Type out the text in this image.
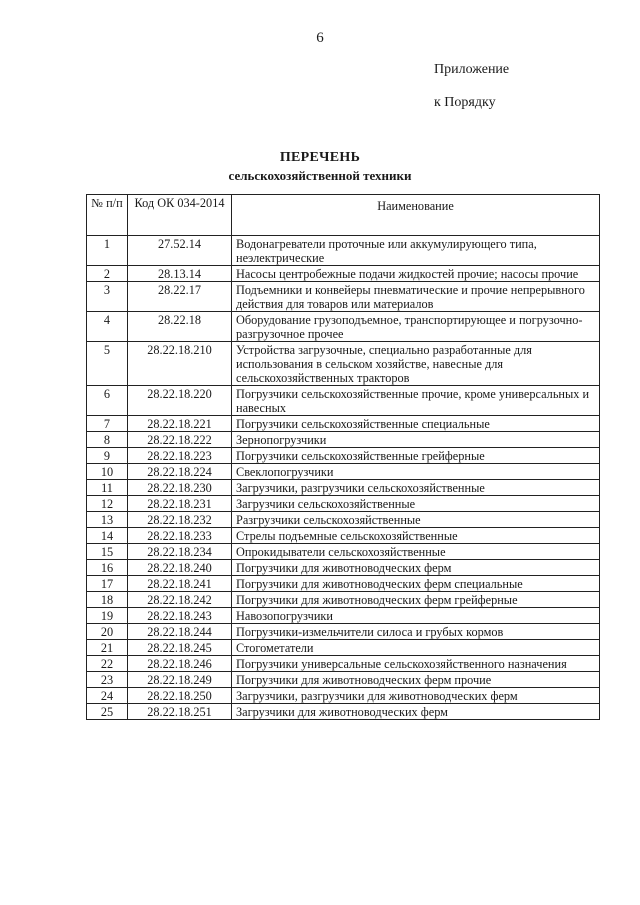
6
Приложение
к Порядку
ПЕРЕЧЕНЬ
сельскохозяйственной техники
№ п/п	Код ОК 034-2014	Наименование
1	27.52.14	Водонагреватели проточные или аккумулирующего типа, неэлектрические
2	28.13.14	Насосы центробежные подачи жидкостей прочие; насосы прочие
3	28.22.17	Подъемники и конвейеры пневматические и прочие непрерывного действия для товаров или материалов
4	28.22.18	Оборудование грузоподъемное, транспортирующее и погрузочно-разгрузочное прочее
5	28.22.18.210	Устройства загрузочные, специально разработанные для использования в сельском хозяйстве, навесные для сельскохозяйственных тракторов
6	28.22.18.220	Погрузчики сельскохозяйственные прочие, кроме универсальных и навесных
7	28.22.18.221	Погрузчики сельскохозяйственные специальные
8	28.22.18.222	Зернопогрузчики
9	28.22.18.223	Погрузчики сельскохозяйственные грейферные
10	28.22.18.224	Свеклопогрузчики
11	28.22.18.230	Загрузчики, разгрузчики сельскохозяйственные
12	28.22.18.231	Загрузчики сельскохозяйственные
13	28.22.18.232	Разгрузчики сельскохозяйственные
14	28.22.18.233	Стрелы подъемные сельскохозяйственные
15	28.22.18.234	Опрокидыватели сельскохозяйственные
16	28.22.18.240	Погрузчики для животноводческих ферм
17	28.22.18.241	Погрузчики для животноводческих ферм специальные
18	28.22.18.242	Погрузчики для животноводческих ферм грейферные
19	28.22.18.243	Навозопогрузчики
20	28.22.18.244	Погрузчики-измельчители силоса и грубых кормов
21	28.22.18.245	Стогометатели
22	28.22.18.246	Погрузчики универсальные сельскохозяйственного назначения
23	28.22.18.249	Погрузчики для животноводческих ферм прочие
24	28.22.18.250	Загрузчики, разгрузчики для животноводческих ферм
25	28.22.18.251	Загрузчики для животноводческих ферм
